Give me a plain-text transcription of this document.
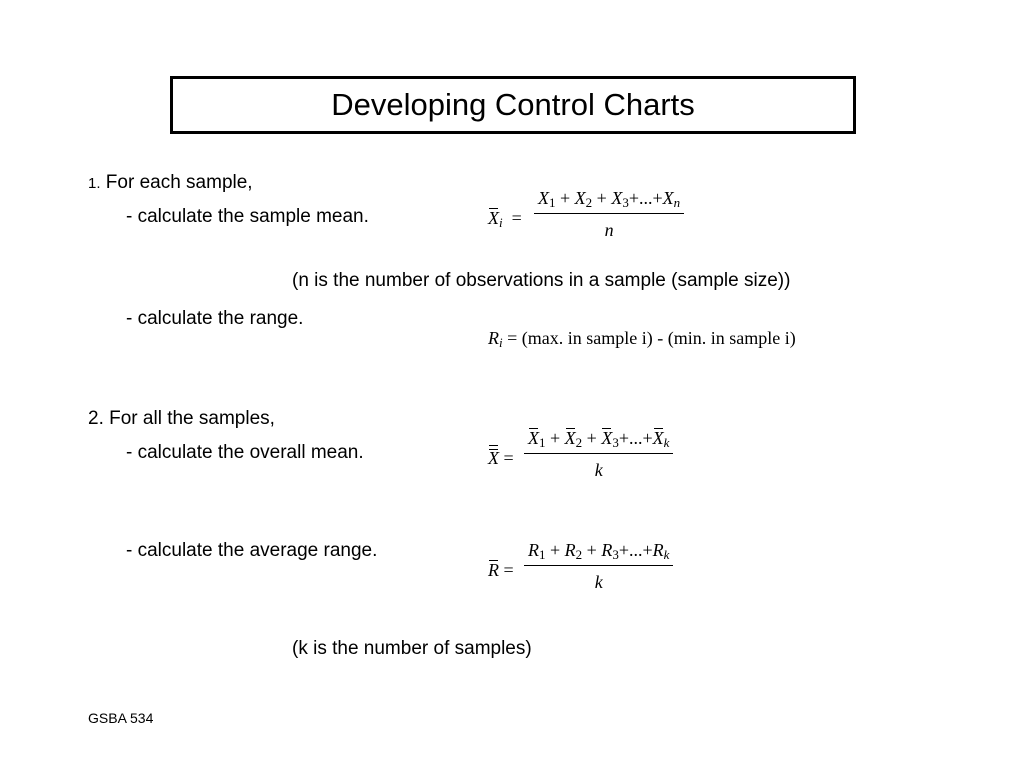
Developing Control Charts
1. For each sample,
- calculate the sample mean.	$X_i = \frac{X_1 + X_2 + X_3+...+X_n}{n}$
(n is the number of observations in a sample (sample size))
- calculate the range.
$R_i = (\max$. in sample i) - (min. in sample i)
2. For all the samples,
- calculate the overall mean.	$X = \frac{X_1 + X_2 + X_3+...+X_k}{k}$
- calculate the average range.
$R = \frac{R_1 + R_2 + R_3+...+R_k}{k}$
(k is the number of samples)
GSBA 534
